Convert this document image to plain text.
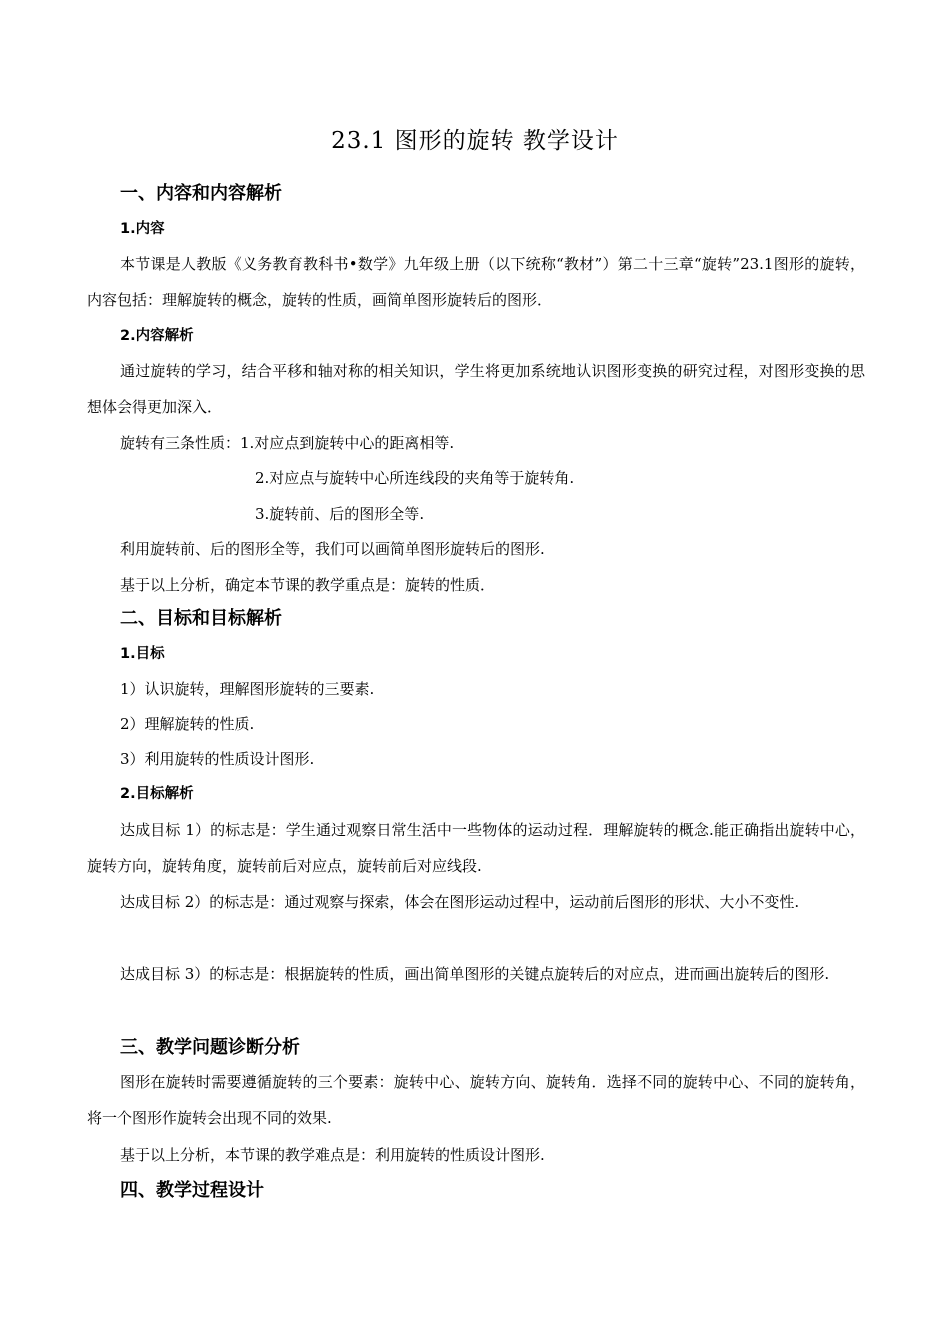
23.1 图形的旋转 教学设计
一、内容和内容解析
1.内容
本节课是人教版《义务教育教科书•数学》九年级上册（以下统称“教材”）第二十三章“旋转”23.1图形的旋转，内容包括：理解旋转的概念，旋转的性质，画简单图形旋转后的图形．
2.内容解析
通过旋转的学习，结合平移和轴对称的相关知识，学生将更加系统地认识图形变换的研究过程，对图形变换的思想体会得更加深入．
旋转有三条性质：1.对应点到旋转中心的距离相等.
2.对应点与旋转中心所连线段的夹角等于旋转角.
3.旋转前、后的图形全等.
利用旋转前、后的图形全等，我们可以画简单图形旋转后的图形.
基于以上分析，确定本节课的教学重点是：旋转的性质．
二、目标和目标解析
1.目标
1）认识旋转，理解图形旋转的三要素.
2）理解旋转的性质.
3）利用旋转的性质设计图形.
2.目标解析
达成目标 1）的标志是：学生通过观察日常生活中一些物体的运动过程．理解旋转的概念.能正确指出旋转中心，旋转方向，旋转角度，旋转前后对应点，旋转前后对应线段.
达成目标 2）的标志是：通过观察与探索，体会在图形运动过程中，运动前后图形的形状、大小不变性.
达成目标 3）的标志是：根据旋转的性质，画出简单图形的关键点旋转后的对应点，进而画出旋转后的图形.
三、教学问题诊断分析
图形在旋转时需要遵循旋转的三个要素：旋转中心、旋转方向、旋转角．选择不同的旋转中心、不同的旋转角，将一个图形作旋转会出现不同的效果.
基于以上分析，本节课的教学难点是：利用旋转的性质设计图形.
四、教学过程设计
